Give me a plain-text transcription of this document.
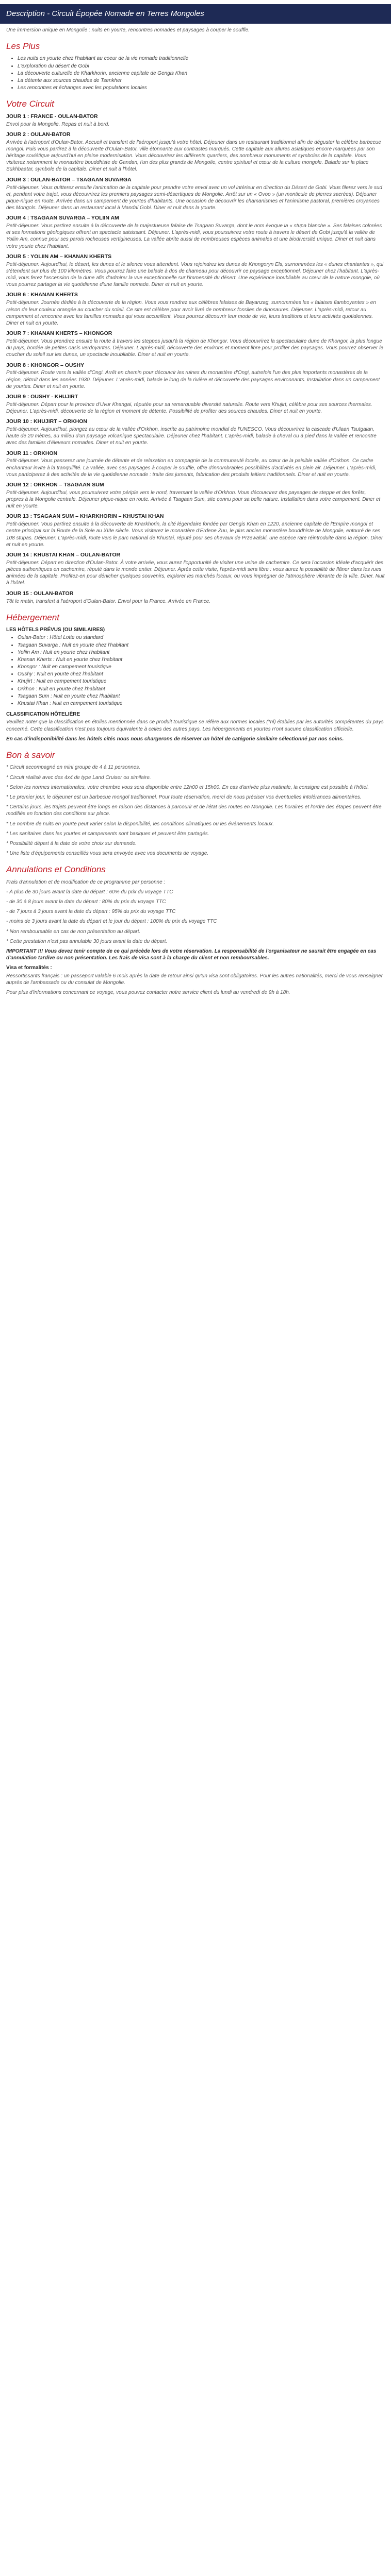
Description - Circuit Épopée Nomade en Terres Mongoles
Une immersion unique en Mongolie : nuits en yourte, rencontres nomades et paysages à couper le souffle.
Les Plus
• Les nuits en yourte chez l'habitant au coeur de la vie nomade traditionnelle
• L'exploration du désert de Gobi
• La découverte culturelle de Kharkhorin, ancienne capitale de Gengis Khan
• La détente aux sources chaudes de Tsenkher
• Les rencontres et échanges avec les populations locales
Votre Circuit
JOUR 1 : FRANCE - OULAN-BATOR
Envol pour la Mongolie. Repas et nuit à bord.
JOUR 2 : OULAN-BATOR
Arrivée à l'aéroport d'Oulan-Bator. Accueil et transfert de l'aéroport jusqu'à votre hôtel. Déjeuner dans un restaurant traditionnel afin de déguster la célèbre barbecue mongol. Puis vous partirez à la découverte d'Oulan-Bator, ville étonnante aux contrastes marqués. Cette capitale aux allures asiatiques encore marquées par son héritage soviétique aujourd'hui en pleine modernisation. Vous découvrirez les différents quartiers, des nombreux monuments et symboles de la capitale. Vous visiterez notamment le monastère bouddhiste de Gandan, l'un des plus grands de Mongolie, centre spirituel et cœur de la culture mongole. Balade sur la place Sükhbaatar, symbole de la capitale. Diner et nuit à l'hôtel.
JOUR 3 : OULAN-BATOR – TSAGAAN SUVARGA
Petit-déjeuner. Vous quitterez ensuite l'animation de la capitale pour prendre votre envol avec un vol intérieur en direction du Désert de Gobi. Vous filerez vers le sud et, pendant votre trajet, vous découvrirez les premiers paysages semi-désertiques de Mongolie. Arrêt sur un « Ovoo » (un monticule de pierres sacrées). Déjeuner pique-nique en route. Arrivée dans un campement de yourtes d'habitants. Une occasion de découvrir les chamanismes et l'animisme pastoral, premières croyances des Mongols. Déjeuner dans un restaurant local à Mandal Gobi. Diner et nuit dans la yourte.
JOUR 4 : TSAGAAN SUVARGA – YOLIIN AM
Petit-déjeuner. Vous partirez ensuite à la découverte de la majestueuse falaise de Tsagaan Suvarga, dont le nom évoque la « stupa blanche ». Ses falaises colorées et ses formations géologiques offrent un spectacle saisissant. Déjeuner. L'après-midi, vous poursuivrez votre route à travers le désert de Gobi jusqu'à la vallée de Yoliin Am, connue pour ses parois rocheuses vertigineuses. La vallée abrite aussi de nombreuses espèces animales et une biodiversité unique. Diner et nuit dans votre yourte chez l'habitant.
JOUR 5 : YOLIIN AM – KHANAN KHERTS
Petit-déjeuner. Aujourd'hui, le désert, les dunes et le silence vous attendent. Vous rejoindrez les dunes de Khongoryn Els, surnommées les « dunes chantantes », qui s'étendent sur plus de 100 kilomètres. Vous pourrez faire une balade à dos de chameau pour découvrir ce paysage exceptionnel. Déjeuner chez l'habitant. L'après-midi, vous ferez l'ascension de la dune afin d'admirer la vue exceptionnelle sur l'immensité du désert. Une expérience inoubliable au cœur de la nature mongole, où vous pourrez partager la vie quotidienne d'une famille nomade. Diner et nuit en yourte.
JOUR 6 : KHANAN KHERTS
Petit-déjeuner. Journée dédiée à la découverte de la région. Vous vous rendrez aux célèbres falaises de Bayanzag, surnommées les « falaises flamboyantes » en raison de leur couleur orangée au coucher du soleil. Ce site est célèbre pour avoir livré de nombreux fossiles de dinosaures. Déjeuner. L'après-midi, retour au campement et rencontre avec les familles nomades qui vous accueillent. Vous pourrez découvrir leur mode de vie, leurs traditions et leurs activités quotidiennes. Diner et nuit en yourte.
JOUR 7 : KHANAN KHERTS – KHONGOR
Petit-déjeuner. Vous prendrez ensuite la route à travers les steppes jusqu'à la région de Khongor. Vous découvrirez la spectaculaire dune de Khongor, la plus longue du pays, bordée de petites oasis verdoyantes. Déjeuner. L'après-midi, découverte des environs et moment libre pour profiter des paysages. Vous pourrez observer le coucher du soleil sur les dunes, un spectacle inoubliable. Diner et nuit en yourte.
JOUR 8 : KHONGOR – OUSHY
Petit-déjeuner. Route vers la vallée d'Ongi. Arrêt en chemin pour découvrir les ruines du monastère d'Ongi, autrefois l'un des plus importants monastères de la région, détruit dans les années 1930. Déjeuner. L'après-midi, balade le long de la rivière et découverte des paysages environnants. Installation dans un campement de yourtes. Diner et nuit en yourte.
JOUR 9 : OUSHY - KHUJIRT
Petit-déjeuner. Départ pour la province d'Uvur Khangai, réputée pour sa remarquable diversité naturelle. Route vers Khujirt, célèbre pour ses sources thermales. Déjeuner. L'après-midi, découverte de la région et moment de détente. Possibilité de profiter des sources chaudes. Diner et nuit en yourte.
JOUR 10 : KHUJIRT – ORKHON
Petit-déjeuner. Aujourd'hui, plongez au cœur de la vallée d'Orkhon, inscrite au patrimoine mondial de l'UNESCO. Vous découvrirez la cascade d'Ulaan Tsutgalan, haute de 20 mètres, au milieu d'un paysage volcanique spectaculaire. Déjeuner chez l'habitant. L'après-midi, balade à cheval ou à pied dans la vallée et rencontre avec des familles d'éleveurs nomades. Diner et nuit en yourte.
JOUR 11 : ORKHON
Petit-déjeuner. Vous passerez une journée de détente et de relaxation en compagnie de la communauté locale, au cœur de la paisible vallée d'Orkhon. Ce cadre enchanteur invite à la tranquillité. La vallée, avec ses paysages à couper le souffle, offre d'innombrables possibilités d'activités en plein air. Déjeuner. L'après-midi, vous participerez à des activités de la vie quotidienne nomade : traite des juments, fabrication des produits laitiers traditionnels. Diner et nuit en yourte.
JOUR 12 : ORKHON – TSAGAAN SUM
Petit-déjeuner. Aujourd'hui, vous poursuivrez votre périple vers le nord, traversant la vallée d'Orkhon. Vous découvrirez des paysages de steppe et des forêts, propres à la Mongolie centrale. Déjeuner pique-nique en route. Arrivée à Tsagaan Sum, site connu pour sa belle nature. Installation dans votre campement. Diner et nuit en yourte.
JOUR 13 : TSAGAAN SUM – KHARKHORIN – KHUSTAI KHAN
Petit-déjeuner. Vous partirez ensuite à la découverte de Kharkhorin, la cité légendaire fondée par Gengis Khan en 1220, ancienne capitale de l'Empire mongol et centre principal sur la Route de la Soie au XIIIe siècle. Vous visiterez le monastère d'Erdene Zuu, le plus ancien monastère bouddhiste de Mongolie, entouré de ses 108 stupas. Déjeuner. L'après-midi, route vers le parc national de Khustai, réputé pour ses chevaux de Przewalski, une espèce rare réintroduite dans la région. Diner et nuit en yourte.
JOUR 14 : KHUSTAI KHAN – OULAN-BATOR
Petit-déjeuner. Départ en direction d'Oulan-Bator. À votre arrivée, vous aurez l'opportunité de visiter une usine de cachemire. Ce sera l'occasion idéale d'acquérir des pièces authentiques en cachemire, réputé dans le monde entier. Déjeuner. Après cette visite, l'après-midi sera libre : vous aurez la possibilité de flâner dans les rues animées de la capitale. Profitez-en pour dénicher quelques souvenirs, explorer les marchés locaux, ou vous imprégner de l'atmosphère vibrante de la ville. Diner. Nuit à l'hôtel.
JOUR 15 : OULAN-BATOR
Tôt le matin, transfert à l'aéroport d'Oulan-Bator. Envol pour la France. Arrivée en France.
Hébergement
LES HÔTELS PRÉVUS (OU SIMILAIRES)
• Oulan-Bator : Hôtel Lotte ou standard
• Tsagaan Suvarga : Nuit en yourte chez l'habitant
• Yoliin Am : Nuit en yourte chez l'habitant
• Khanan Kherts : Nuit en yourte chez l'habitant
• Khongor : Nuit en campement touristique
• Oushy : Nuit en yourte chez l'habitant
• Khujirt : Nuit en campement touristique
• Orkhon : Nuit en yourte chez l'habitant
• Tsagaan Sum : Nuit en yourte chez l'habitant
• Khustai Khan : Nuit en campement touristique
CLASSIFICATION HÔTELIÈRE
Veuillez noter que la classification en étoiles mentionnée dans ce produit touristique se réfère aux normes locales (*nl) établies par les autorités compétentes du pays concerné. Cette classification n'est pas toujours équivalente à celles des autres pays. Les hébergements en yourtes n'ont aucune classification officielle.
En cas d'indisponibilité dans les hôtels cités nous nous chargerons de réserver un hôtel de catégorie similaire sélectionné par nos soins.
Bon à savoir
* Circuit accompagné en mini groupe de 4 à 11 personnes.
* Circuit réalisé avec des 4x4 de type Land Cruiser ou similaire.
* Selon les normes internationales, votre chambre vous sera disponible entre 12h00 et 15h00. En cas d'arrivée plus matinale, la consigne est possible à l'hôtel.
* Le premier jour, le déjeuner est un barbecue mongol traditionnel. Pour toute réservation, merci de nous préciser vos éventuelles intolérances alimentaires.
* Certains jours, les trajets peuvent être longs en raison des distances à parcourir et de l'état des routes en Mongolie. Les horaires et l'ordre des étapes peuvent être modifiés en fonction des conditions sur place.
* Le nombre de nuits en yourte peut varier selon la disponibilité, les conditions climatiques ou les événements locaux.
* Les sanitaires dans les yourtes et campements sont basiques et peuvent être partagés.
* Possibilité départ à la date de votre choix sur demande.
* Une liste d'équipements conseillés vous sera envoyée avec vos documents de voyage.
Annulations et Conditions
Frais d'annulation et de modification de ce programme par personne :
- À plus de 30 jours avant la date du départ : 60% du prix du voyage TTC
- de 30 à 8 jours avant la date du départ : 80% du prix du voyage TTC
- de 7 jours à 3 jours avant la date du départ : 95% du prix du voyage TTC
- moins de 3 jours avant la date du départ et le jour du départ : 100% du prix du voyage TTC
* Non remboursable en cas de non présentation au départ.
* Cette prestation n'est pas annulable 30 jours avant la date du départ.
IMPORTANT !!! Vous devez tenir compte de ce qui précède lors de votre réservation. La responsabilité de l'organisateur ne saurait être engagée en cas d'annulation tardive ou non présentation. Les frais de visa sont à la charge du client et non remboursables.
Visa et formalités :
Ressortissants français : un passeport valable 6 mois après la date de retour ainsi qu'un visa sont obligatoires. Pour les autres nationalités, merci de vous renseigner auprès de l'ambassade ou du consulat de Mongolie.
Pour plus d'informations concernant ce voyage, vous pouvez contacter notre service client du lundi au vendredi de 9h à 18h.
